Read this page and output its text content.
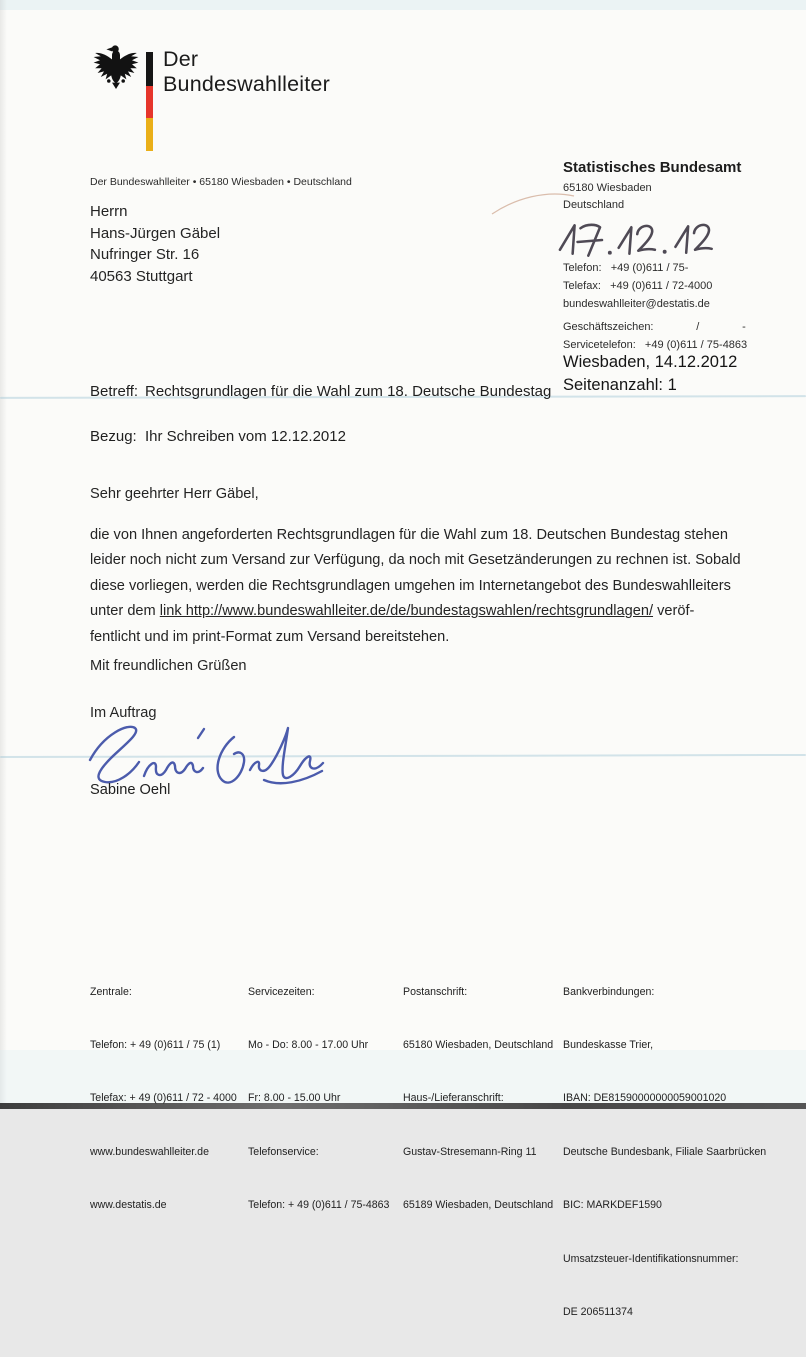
Der
Bundeswahlleiter
Der Bundeswahlleiter • 65180 Wiesbaden • Deutschland
Herrn
Hans-Jürgen Gäbel
Nufringer Str. 16
40563 Stuttgart
Statistisches Bundesamt
65180 Wiesbaden
Deutschland
Telefon:   +49 (0)611 / 75-
Telefax:   +49 (0)611 / 72-4000
bundeswahlleiter@destatis.de
Geschäftszeichen:              /              -
Servicetelefon:   +49 (0)611 / 75-4863
Wiesbaden, 14.12.2012
Seitenanzahl: 1
Betreff: Rechtsgrundlagen für die Wahl zum 18. Deutsche Bundestag
Bezug: Ihr Schreiben vom 12.12.2012
Sehr geehrter Herr Gäbel,
die von Ihnen angeforderten Rechtsgrundlagen für die Wahl zum 18. Deutschen Bundestag stehen
leider noch nicht zum Versand zur Verfügung, da noch mit Gesetzänderungen zu rechnen ist. Sobald
diese vorliegen, werden die Rechtsgrundlagen umgehen im Internetangebot des Bundeswahlleiters
unter dem link http://www.bundeswahlleiter.de/de/bundestagswahlen/rechtsgrundlagen/ veröf-
fentlicht und im print-Format zum Versand bereitstehen.
Mit freundlichen Grüßen
Im Auftrag
Sabine Oehl

Zentrale:

Telefon: + 49 (0)611 / 75 (1)

Telefax: + 49 (0)611 / 72 - 4000

www.bundeswahlleiter.de

www.destatis.de

Servicezeiten:

Mo - Do: 8.00 - 17.00 Uhr

Fr: 8.00 - 15.00 Uhr

Telefonservice:

Telefon: + 49 (0)611 / 75-4863

Postanschrift:

65180 Wiesbaden, Deutschland

Haus-/Lieferanschrift:

Gustav-Stresemann-Ring 11

65189 Wiesbaden, Deutschland

Bankverbindungen:

Bundeskasse Trier,

IBAN: DE81590000000059001020

Deutsche Bundesbank, Filiale Saarbrücken

BIC: MARKDEF1590

Umsatzsteuer-Identifikationsnummer:

DE 206511374
